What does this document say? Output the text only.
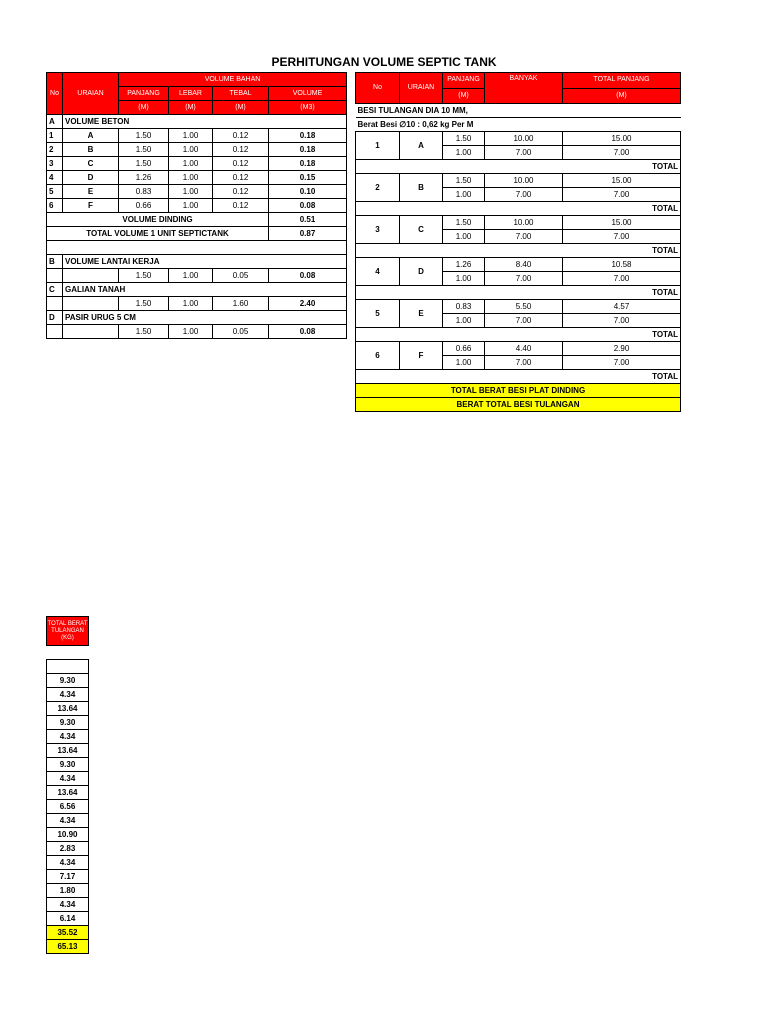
PERHITUNGAN VOLUME SEPTIC TANK
No	URAIAN	VOLUME BAHAN			
		PANJANG	LEBAR	TEBAL	VOLUME
		(M)	(M)	(M)	(M3)
A	VOLUME BETON				
1	A	1.50	1.00	0.12	0.18
2	B	1.50	1.00	0.12	0.18
3	C	1.50	1.00	0.12	0.18
4	D	1.26	1.00	0.12	0.15
5	E	0.83	1.00	0.12	0.10
6	F	0.66	1.00	0.12	0.08
VOLUME DINDING					0.51
TOTAL VOLUME 1 UNIT SEPTICTANK					0.87

B	VOLUME LANTAI KERJA				
		1.50	1.00	0.05	0.08
C	GALIAN TANAH				
		1.50	1.00	1.60	2.40
D	PASIR URUG 5 CM				
		1.50	1.00	0.05	0.08
No	URAIAN	PANJANG	BANYAK	TOTAL PANJANG
		(M)		(M)
BESI TULANGAN DIA 10 MM,				
Berat Besi ∅10 : 0,62 kg Per M				
1	A	1.50	10.00	15.00
		1.00	7.00	7.00
TOTAL				
2	B	1.50	10.00	15.00
		1.00	7.00	7.00
TOTAL				
3	C	1.50	10.00	15.00
		1.00	7.00	7.00
TOTAL				
4	D	1.26	8.40	10.58
		1.00	7.00	7.00
TOTAL				
5	E	0.83	5.50	4.57
		1.00	7.00	7.00
TOTAL				
6	F	0.66	4.40	2.90
		1.00	7.00	7.00
TOTAL				
TOTAL BERAT BESI PLAT DINDING				
BERAT TOTAL BESI TULANGAN				
TOTAL BERAT TULANGAN (KG)

9.30
4.34
13.64
9.30
4.34
13.64
9.30
4.34
13.64
6.56
4.34
10.90
2.83
4.34
7.17
1.80
4.34
6.14
35.52
65.13
